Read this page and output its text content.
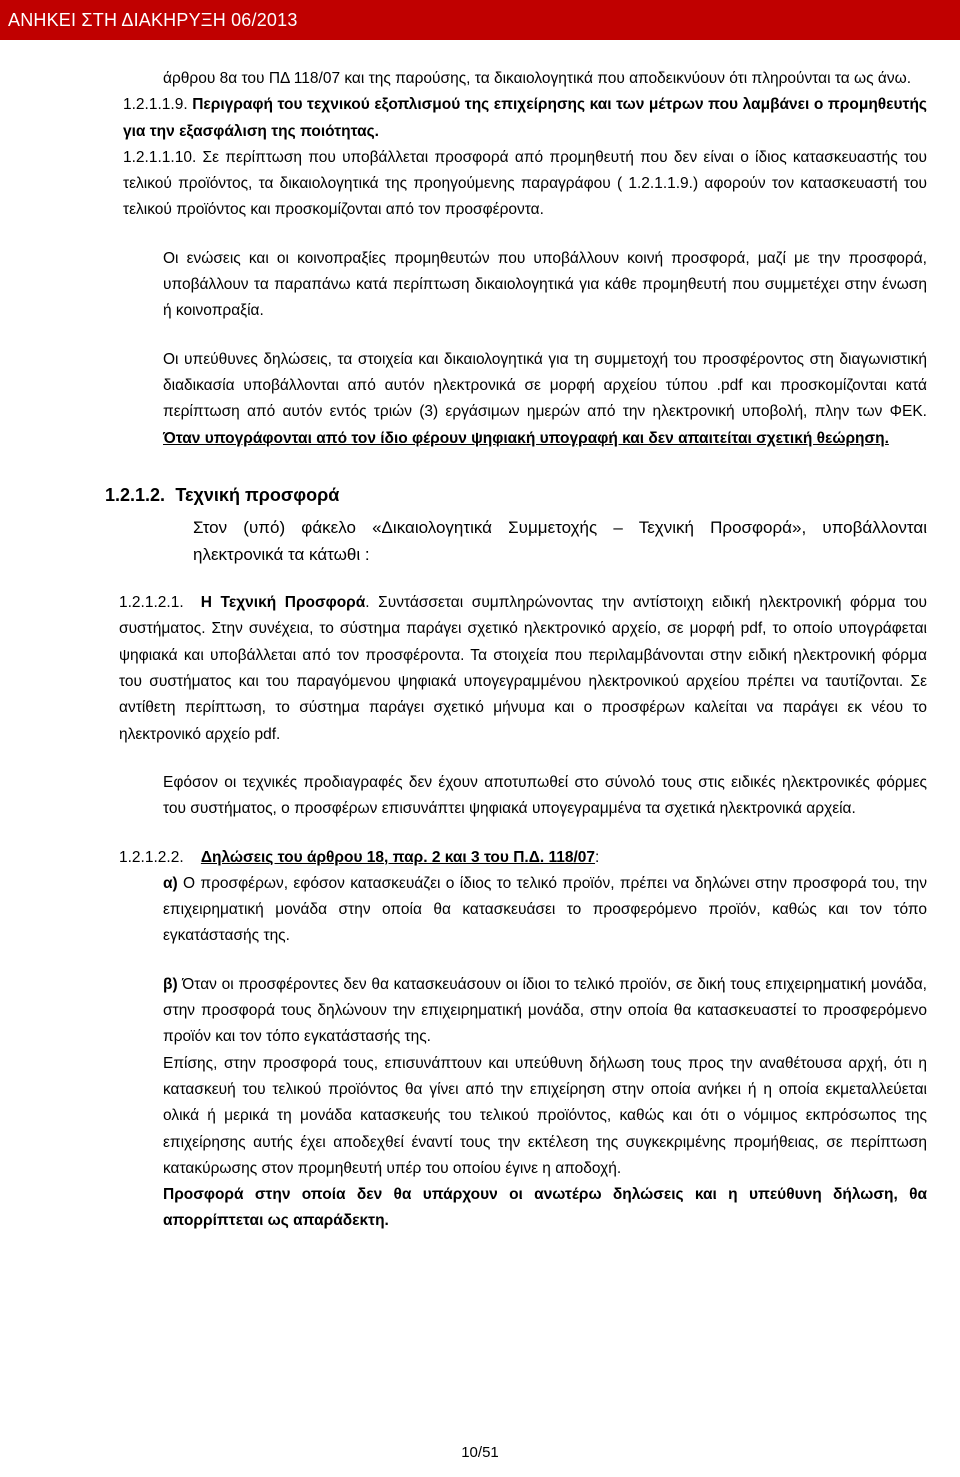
ΑΝΗΚΕΙ ΣΤΗ ΔΙΑΚΗΡΥΞΗ 06/2013

άρθρου 8α του ΠΔ 118/07 και της παρούσης, τα δικαιολογητικά που αποδεικνύουν ότι πληρούνται τα ως άνω.

1.2.1.1.9. Περιγραφή του τεχνικού εξοπλισμού της επιχείρησης και των μέτρων που λαμβάνει ο προμηθευτής για την εξασφάλιση της ποιότητας.

1.2.1.1.10. Σε περίπτωση που υποβάλλεται προσφορά από προμηθευτή που δεν είναι ο ίδιος κατασκευαστής του τελικού προϊόντος, τα δικαιολογητικά της προηγούμενης παραγράφου ( 1.2.1.1.9.) αφορούν τον κατασκευαστή του τελικού προϊόντος και προσκομίζονται από τον προσφέροντα.

Οι ενώσεις και οι κοινοπραξίες προμηθευτών που υποβάλλουν κοινή προσφορά, μαζί με την προσφορά, υποβάλλουν τα παραπάνω κατά περίπτωση δικαιολογητικά για κάθε προμηθευτή που συμμετέχει στην ένωση ή κοινοπραξία.

Οι υπεύθυνες δηλώσεις, τα στοιχεία και δικαιολογητικά για τη συμμετοχή του προσφέροντος στη διαγωνιστική διαδικασία υποβάλλονται από αυτόν ηλεκτρονικά σε μορφή αρχείου τύπου .pdf και προσκομίζονται κατά περίπτωση από αυτόν εντός τριών (3) εργάσιμων ημερών από την ηλεκτρονική υποβολή, πλην των ΦΕΚ. Όταν υπογράφονται από τον ίδιο φέρουν ψηφιακή υπογραφή και δεν απαιτείται σχετική θεώρηση.

1.2.1.2. Τεχνική προσφορά

Στον (υπό) φάκελο «Δικαιολογητικά Συμμετοχής – Τεχνική Προσφορά», υποβάλλονται ηλεκτρονικά τα κάτωθι :

1.2.1.2.1. Η Τεχνική Προσφορά. Συντάσσεται συμπληρώνοντας την αντίστοιχη ειδική ηλεκτρονική φόρμα του συστήματος. Στην συνέχεια, το σύστημα παράγει σχετικό ηλεκτρονικό αρχείο, σε μορφή pdf, το οποίο υπογράφεται ψηφιακά και υποβάλλεται από τον προσφέροντα. Τα στοιχεία που περιλαμβάνονται στην ειδική ηλεκτρονική φόρμα του συστήματος και του παραγόμενου ψηφιακά υπογεγραμμένου ηλεκτρονικού αρχείου πρέπει να ταυτίζονται. Σε αντίθετη περίπτωση, το σύστημα παράγει σχετικό μήνυμα και ο προσφέρων καλείται να παράγει εκ νέου το ηλεκτρονικό αρχείο pdf.

Εφόσον οι τεχνικές προδιαγραφές δεν έχουν αποτυπωθεί στο σύνολό τους στις ειδικές ηλεκτρονικές φόρμες του συστήματος, ο προσφέρων επισυνάπτει ψηφιακά υπογεγραμμένα τα σχετικά ηλεκτρονικά αρχεία.

1.2.1.2.2. Δηλώσεις του άρθρου 18, παρ. 2 και 3 του Π.Δ. 118/07:

α) Ο προσφέρων, εφόσον κατασκευάζει ο ίδιος το τελικό προϊόν, πρέπει να δηλώνει στην προσφορά του, την επιχειρηματική μονάδα στην οποία θα κατασκευάσει το προσφερόμενο προϊόν, καθώς και τον τόπο εγκατάστασής της.

β) Όταν οι προσφέροντες δεν θα κατασκευάσουν οι ίδιοι το τελικό προϊόν, σε δική τους επιχειρηματική μονάδα, στην προσφορά τους δηλώνουν την επιχειρηματική μονάδα, στην οποία θα κατασκευαστεί το προσφερόμενο προϊόν και τον τόπο εγκατάστασής της.

Επίσης, στην προσφορά τους, επισυνάπτουν και υπεύθυνη δήλωση τους προς την αναθέτουσα αρχή, ότι η κατασκευή του τελικού προϊόντος θα γίνει από την επιχείρηση στην οποία ανήκει ή η οποία εκμεταλλεύεται ολικά ή μερικά τη μονάδα κατασκευής του τελικού προϊόντος, καθώς και ότι ο νόμιμος εκπρόσωπος της επιχείρησης αυτής έχει αποδεχθεί έναντί τους την εκτέλεση της συγκεκριμένης προμήθειας, σε περίπτωση κατακύρωσης στον προμηθευτή υπέρ του οποίου έγινε η αποδοχή.

Προσφορά στην οποία δεν θα υπάρχουν οι ανωτέρω δηλώσεις και η υπεύθυνη δήλωση, θα απορρίπτεται ως απαράδεκτη.

10/51
